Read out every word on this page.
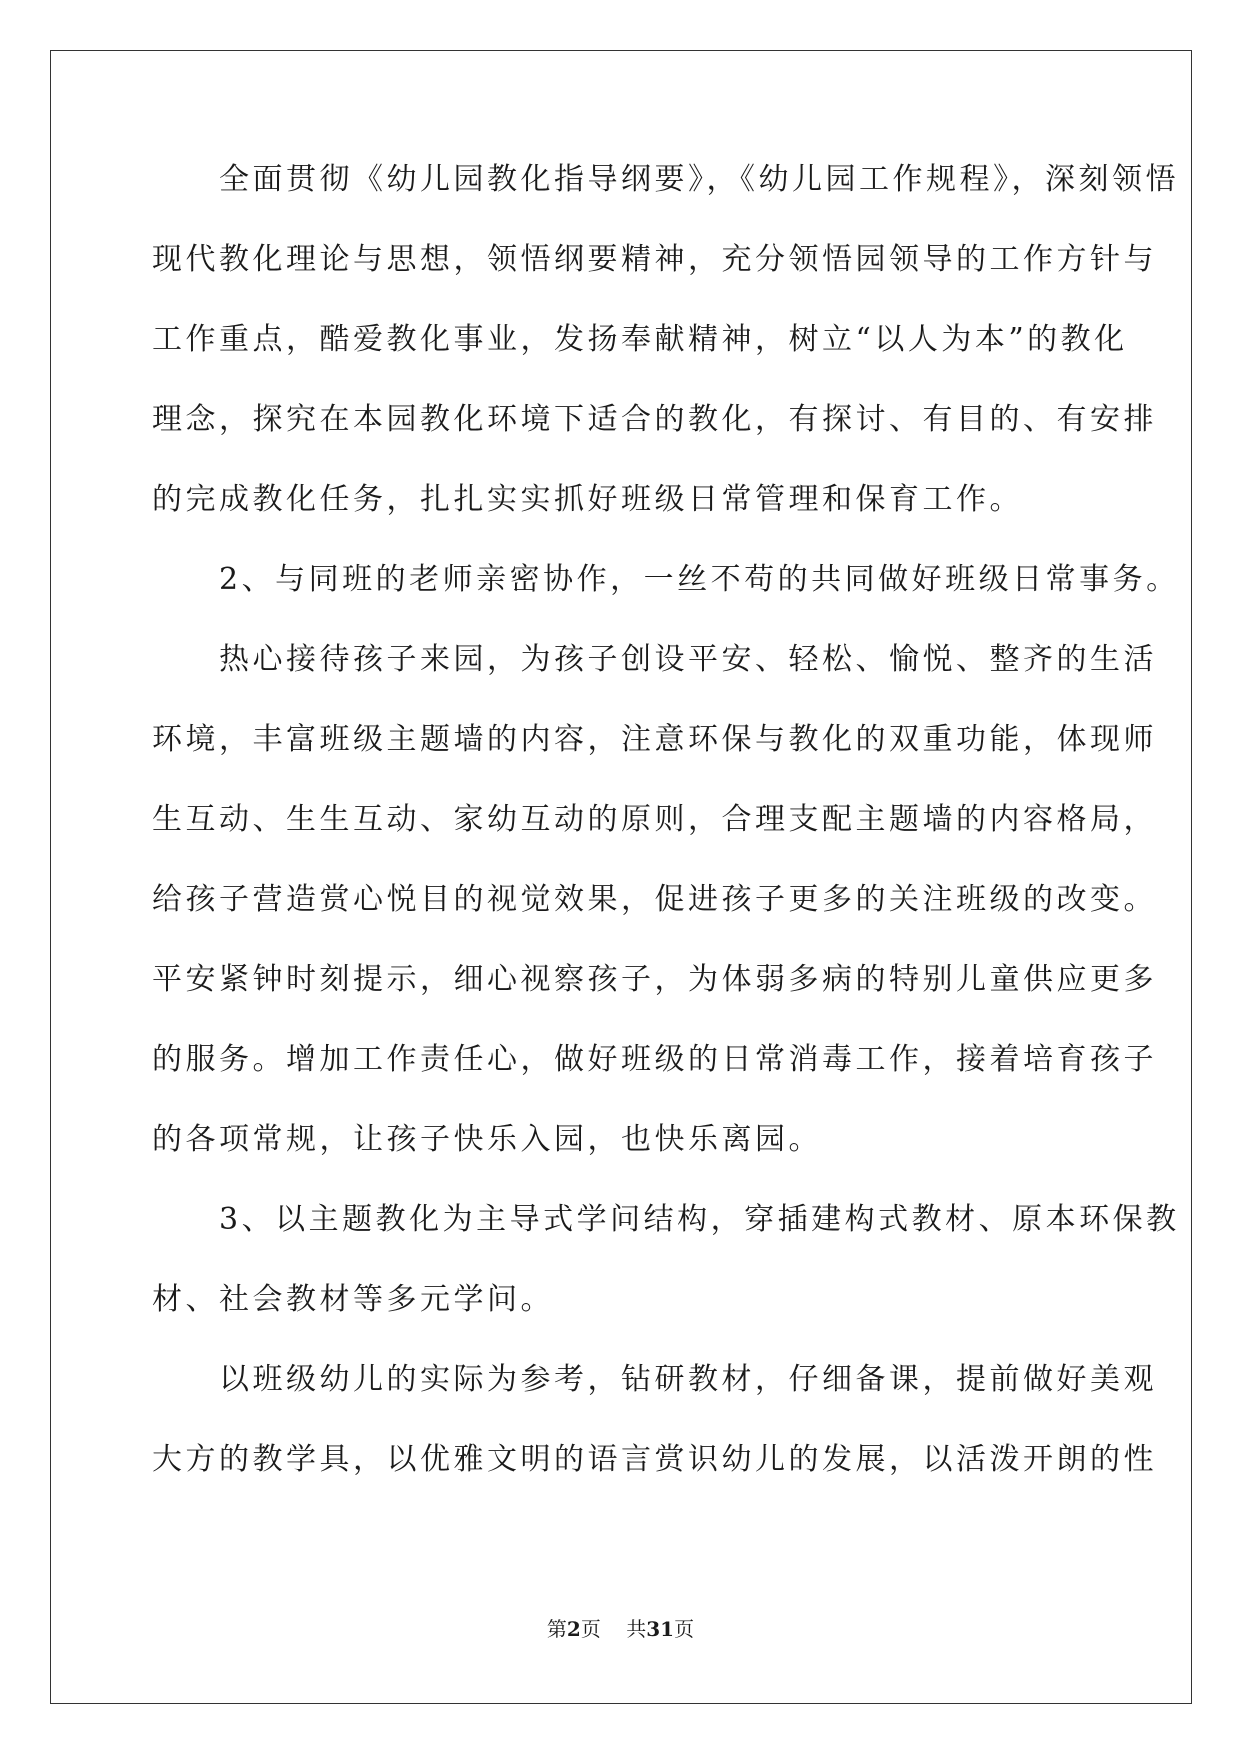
　　全面贯彻《幼儿园教化指导纲要》，《幼儿园工作规程》，深刻领悟
现代教化理论与思想，领悟纲要精神，充分领悟园领导的工作方针与
工作重点，酷爱教化事业，发扬奉献精神，树立“以人为本”的教化
理念，探究在本园教化环境下适合的教化，有探讨、有目的、有安排
的完成教化任务，扎扎实实抓好班级日常管理和保育工作。
　　2、与同班的老师亲密协作，一丝不苟的共同做好班级日常事务。
　　热心接待孩子来园，为孩子创设平安、轻松、愉悦、整齐的生活
环境，丰富班级主题墙的内容，注意环保与教化的双重功能，体现师
生互动、生生互动、家幼互动的原则，合理支配主题墙的内容格局，
给孩子营造赏心悦目的视觉效果，促进孩子更多的关注班级的改变。
平安紧钟时刻提示，细心视察孩子，为体弱多病的特别儿童供应更多
的服务。增加工作责任心，做好班级的日常消毒工作，接着培育孩子
的各项常规，让孩子快乐入园，也快乐离园。
　　3、以主题教化为主导式学问结构，穿插建构式教材、原本环保教
材、社会教材等多元学问。
　　以班级幼儿的实际为参考，钻研教材，仔细备课，提前做好美观
大方的教学具，以优雅文明的语言赏识幼儿的发展，以活泼开朗的性
第2页 共31页
